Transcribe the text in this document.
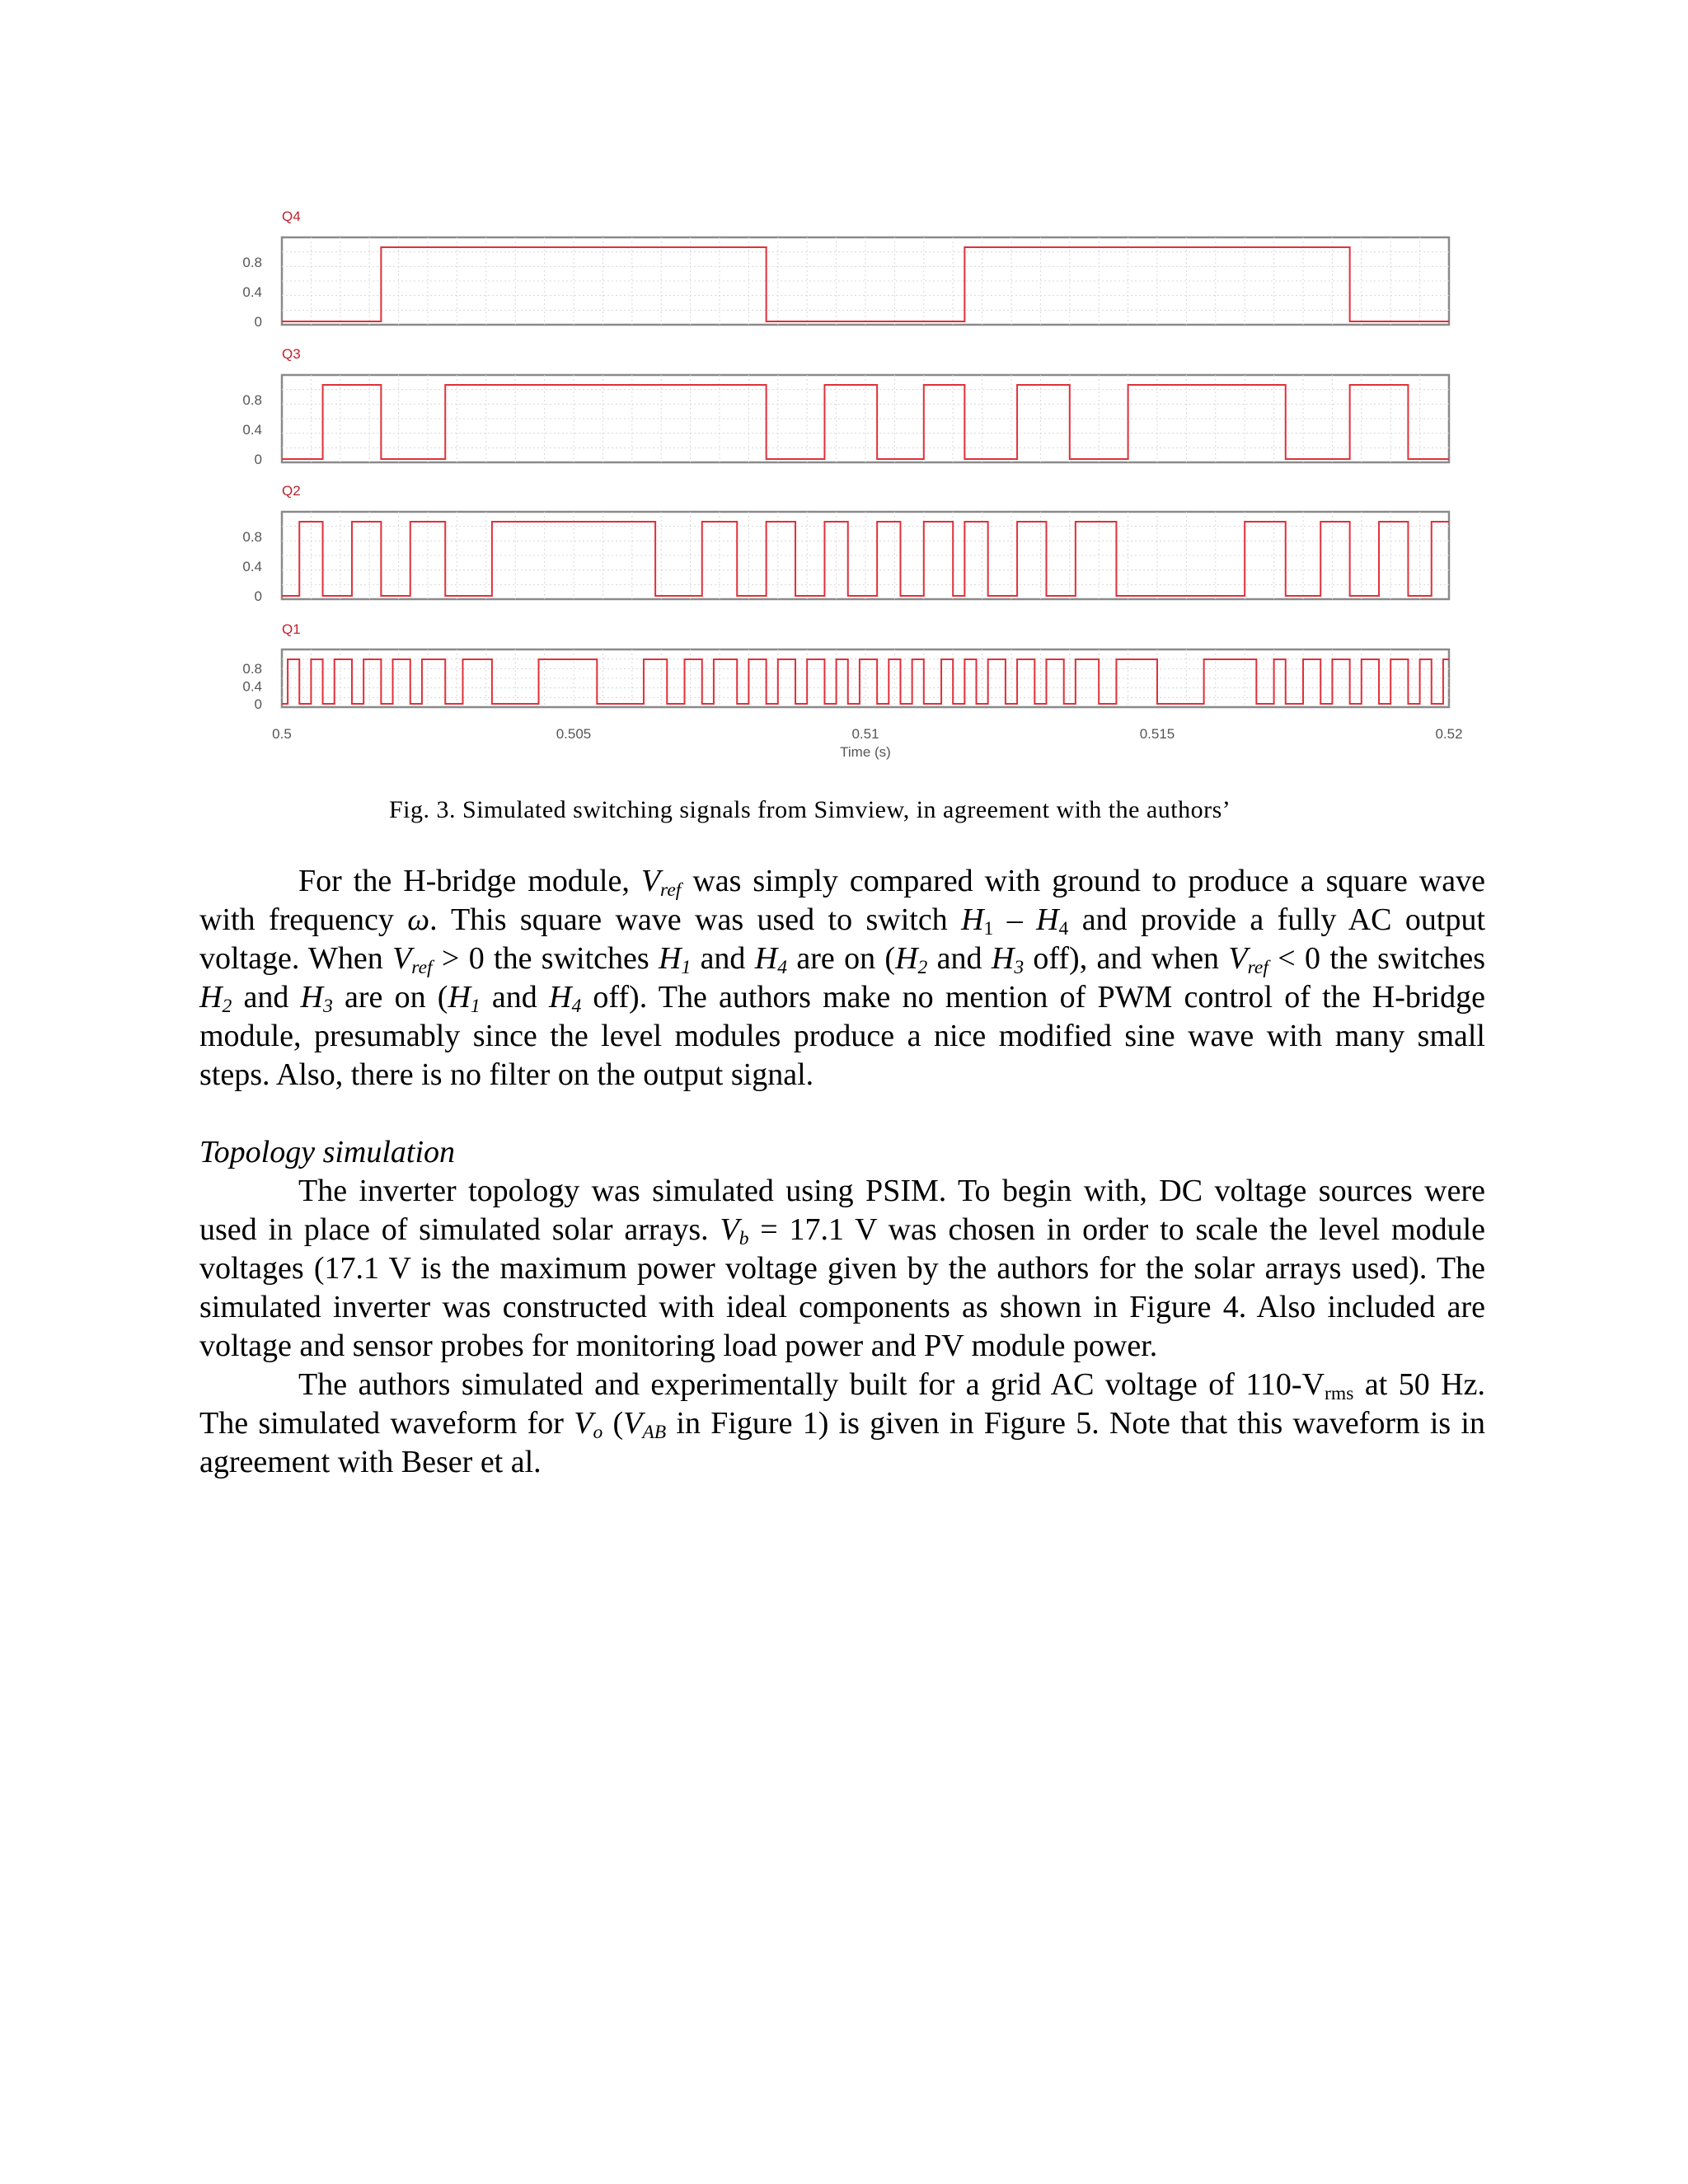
0.8
0.4
0
Q4
0.8
0.4
0
Q3
0.8
0.4
0
Q2
0.8
0.4
0
Q1
0.5	0.505	0.51	0.515	0.52
Time (s)
Fig. 3. Simulated switching signals from Simview, in agreement with the authors’

For the H-bridge module, $V_{ref}$ was simply compared with ground to produce a square wave with frequency ω. This square wave was used to switch $H_1 - H_4$ and provide a fully AC output voltage. When $V_{ref} > 0$ the switches $H_1$ and $H_4$ are on ($H_2$ and $H_3$ off), and when $V_{ref} < 0$ the switches $H_2$ and $H_3$ are on ($H_1$ and $H_4$ off). The authors make no mention of PWM control of the H-bridge module, presumably since the level modules produce a nice modified sine wave with many small steps. Also, there is no filter on the output signal.

Topology simulation

The inverter topology was simulated using PSIM. To begin with, DC voltage sources were used in place of simulated solar arrays. $V_b = 17.1$ V was chosen in order to scale the level module voltages (17.1 V is the maximum power voltage given by the authors for the solar arrays used). The simulated inverter was constructed with ideal components as shown in Figure 4. Also included are voltage and sensor probes for monitoring load power and PV module power.

The authors simulated and experimentally built for a grid AC voltage of $110-V_{rms}$ at 50 Hz. The simulated waveform for $V_o$ ($V_{AB}$ in Figure 1) is given in Figure 5. Note that this waveform is in agreement with Beser et al.
